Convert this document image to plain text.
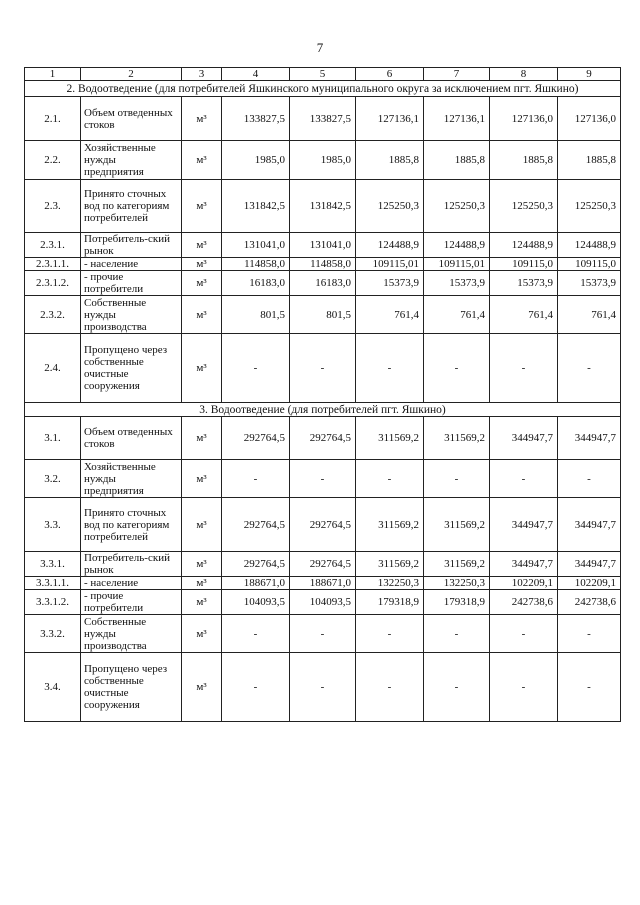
7
1	2	3	4	5	6	7	8	9
2. Водоотведение (для потребителей Яшкинского муниципального округа за исключением пгт. Яшкино)								
2.1.	Объем отведенных стоков	м³	133827,5	133827,5	127136,1	127136,1	127136,0	127136,0
2.2.	Хозяйственные нужды предприятия	м³	1985,0	1985,0	1885,8	1885,8	1885,8	1885,8
2.3.	Принято сточных вод по категориям потребителей	м³	131842,5	131842,5	125250,3	125250,3	125250,3	125250,3
2.3.1.	Потребитель-ский рынок	м³	131041,0	131041,0	124488,9	124488,9	124488,9	124488,9
2.3.1.1.	- население	м³	114858,0	114858,0	109115,01	109115,01	109115,0	109115,0
2.3.1.2.	- прочие потребители	м³	16183,0	16183,0	15373,9	15373,9	15373,9	15373,9
2.3.2.	Собственные нужды производства	м³	801,5	801,5	761,4	761,4	761,4	761,4
2.4.	Пропущено через собственные очистные сооружения	м³	-	-	-	-	-	-
3. Водоотведение (для потребителей пгт. Яшкино)								
3.1.	Объем отведенных стоков	м³	292764,5	292764,5	311569,2	311569,2	344947,7	344947,7
3.2.	Хозяйственные нужды предприятия	м³	-	-	-	-	-	-
3.3.	Принято сточных вод по категориям потребителей	м³	292764,5	292764,5	311569,2	311569,2	344947,7	344947,7
3.3.1.	Потребитель-ский рынок	м³	292764,5	292764,5	311569,2	311569,2	344947,7	344947,7
3.3.1.1.	- население	м³	188671,0	188671,0	132250,3	132250,3	102209,1	102209,1
3.3.1.2.	- прочие потребители	м³	104093,5	104093,5	179318,9	179318,9	242738,6	242738,6
3.3.2.	Собственные нужды производства	м³	-	-	-	-	-	-
3.4.	Пропущено через собственные очистные сооружения	м³	-	-	-	-	-	-
